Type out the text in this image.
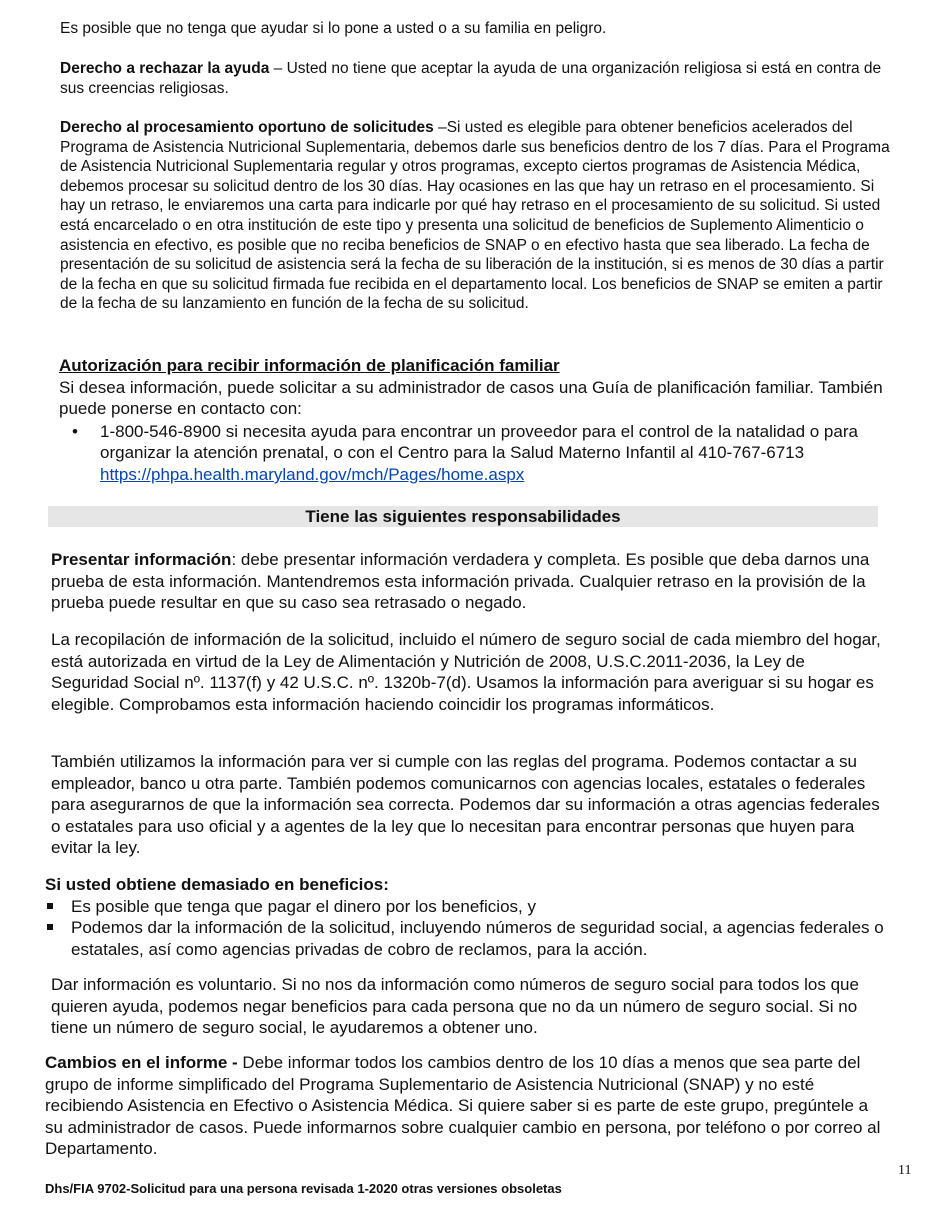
Es posible que no tenga que ayudar si lo pone a usted o a su familia en peligro.
Derecho a rechazar la ayuda – Usted no tiene que aceptar la ayuda de una organización religiosa si está en contra de sus creencias religiosas.
Derecho al procesamiento oportuno de solicitudes –Si usted es elegible para obtener beneficios acelerados del Programa de Asistencia Nutricional Suplementaria, debemos darle sus beneficios dentro de los 7 días. Para el Programa de Asistencia Nutricional Suplementaria regular y otros programas, excepto ciertos programas de Asistencia Médica, debemos procesar su solicitud dentro de los 30 días. Hay ocasiones en las que hay un retraso en el procesamiento. Si hay un retraso, le enviaremos una carta para indicarle por qué hay retraso en el procesamiento de su solicitud. Si usted está encarcelado o en otra institución de este tipo y presenta una solicitud de beneficios de Suplemento Alimenticio o asistencia en efectivo, es posible que no reciba beneficios de SNAP o en efectivo hasta que sea liberado. La fecha de presentación de su solicitud de asistencia será la fecha de su liberación de la institución, si es menos de 30 días a partir de la fecha en que su solicitud firmada fue recibida en el departamento local. Los beneficios de SNAP se emiten a partir de la fecha de su lanzamiento en función de la fecha de su solicitud.
Autorización para recibir información de planificación familiar
Si desea información, puede solicitar a su administrador de casos una Guía de planificación familiar. También puede ponerse en contacto con:
• 1-800-546-8900 si necesita ayuda para encontrar un proveedor para el control de la natalidad o para organizar la atención prenatal, o con el Centro para la Salud Materno Infantil al 410-767-6713
https://phpa.health.maryland.gov/mch/Pages/home.aspx
Tiene las siguientes responsabilidades
Presentar información: debe presentar información verdadera y completa. Es posible que deba darnos una prueba de esta información. Mantendremos esta información privada. Cualquier retraso en la provisión de la prueba puede resultar en que su caso sea retrasado o negado.
La recopilación de información de la solicitud, incluido el número de seguro social de cada miembro del hogar, está autorizada en virtud de la Ley de Alimentación y Nutrición de 2008, U.S.C.2011-2036, la Ley de Seguridad Social nº. 1137(f) y 42 U.S.C. nº. 1320b-7(d). Usamos la información para averiguar si su hogar es elegible. Comprobamos esta información haciendo coincidir los programas informáticos.
También utilizamos la información para ver si cumple con las reglas del programa. Podemos contactar a su empleador, banco u otra parte. También podemos comunicarnos con agencias locales, estatales o federales para asegurarnos de que la información sea correcta. Podemos dar su información a otras agencias federales o estatales para uso oficial y a agentes de la ley que lo necesitan para encontrar personas que huyen para evitar la ley.
Si usted obtiene demasiado en beneficios:
Es posible que tenga que pagar el dinero por los beneficios, y
Podemos dar la información de la solicitud, incluyendo números de seguridad social, a agencias federales o estatales, así como agencias privadas de cobro de reclamos, para la acción.
Dar información es voluntario. Si no nos da información como números de seguro social para todos los que quieren ayuda, podemos negar beneficios para cada persona que no da un número de seguro social. Si no tiene un número de seguro social, le ayudaremos a obtener uno.
Cambios en el informe - Debe informar todos los cambios dentro de los 10 días a menos que sea parte del grupo de informe simplificado del Programa Suplementario de Asistencia Nutricional (SNAP) y no esté recibiendo Asistencia en Efectivo o Asistencia Médica. Si quiere saber si es parte de este grupo, pregúntele a su administrador de casos. Puede informarnos sobre cualquier cambio en persona, por teléfono o por correo al Departamento.
11
Dhs/FIA 9702-Solicitud para una persona revisada 1-2020 otras versiones obsoletas
